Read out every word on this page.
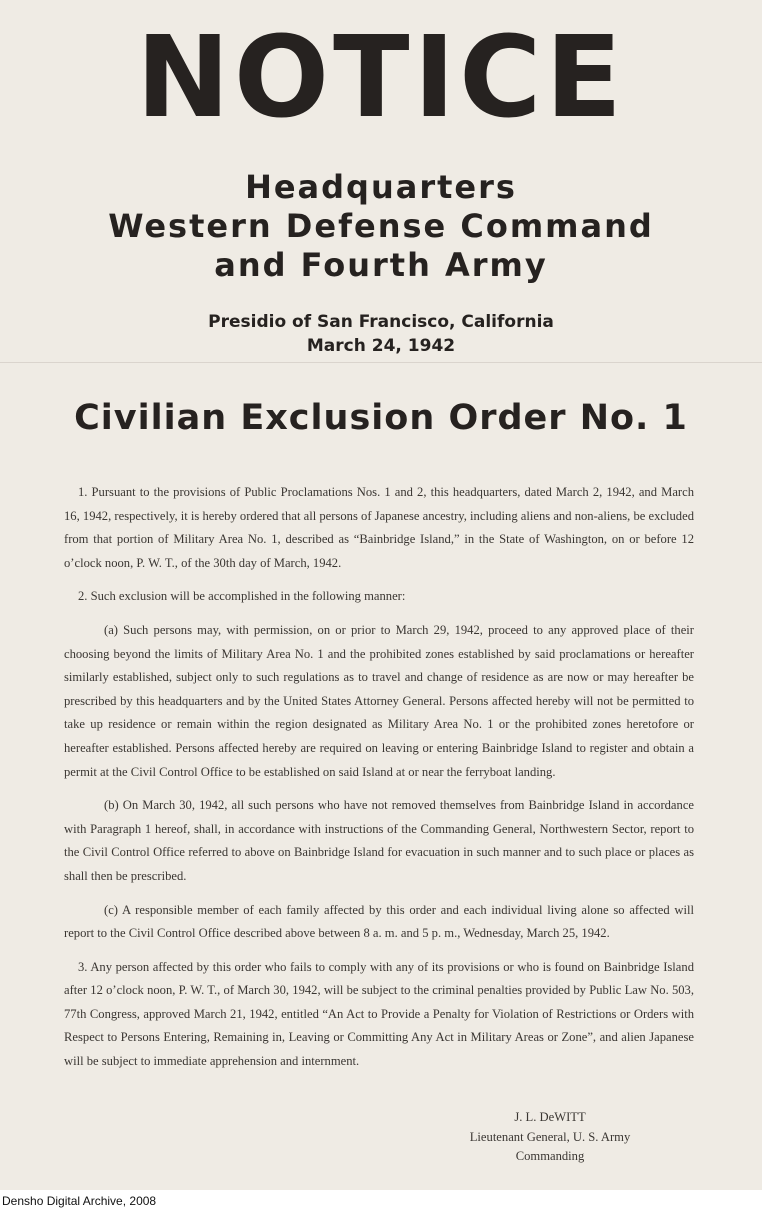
NOTICE
Headquarters
Western Defense Command
and Fourth Army
Presidio of San Francisco, California
March 24, 1942
Civilian Exclusion Order No. 1

1. Pursuant to the provisions of Public Proclamations Nos. 1 and 2, this headquarters, dated March 2, 1942, and March 16, 1942, respectively, it is hereby ordered that all persons of Japanese ancestry, including aliens and non-aliens, be excluded from that portion of Military Area No. 1, described as “Bainbridge Island,” in the State of Washington, on or before 12 o’clock noon, P. W. T., of the 30th day of March, 1942.

2. Such exclusion will be accomplished in the following manner:

(a) Such persons may, with permission, on or prior to March 29, 1942, proceed to any approved place of their choosing beyond the limits of Military Area No. 1 and the prohibited zones established by said proclamations or hereafter similarly established, subject only to such regulations as to travel and change of residence as are now or may hereafter be prescribed by this headquarters and by the United States Attorney General. Persons affected hereby will not be permitted to take up residence or remain within the region designated as Military Area No. 1 or the prohibited zones heretofore or hereafter established. Persons affected hereby are required on leaving or entering Bainbridge Island to register and obtain a permit at the Civil Control Office to be established on said Island at or near the ferryboat landing.

(b) On March 30, 1942, all such persons who have not removed themselves from Bainbridge Island in accordance with Paragraph 1 hereof, shall, in accordance with instructions of the Commanding General, Northwestern Sector, report to the Civil Control Office referred to above on Bainbridge Island for evacuation in such manner and to such place or places as shall then be prescribed.

(c) A responsible member of each family affected by this order and each individual living alone so affected will report to the Civil Control Office described above between 8 a. m. and 5 p. m., Wednesday, March 25, 1942.

3. Any person affected by this order who fails to comply with any of its provisions or who is found on Bainbridge Island after 12 o’clock noon, P. W. T., of March 30, 1942, will be subject to the criminal penalties provided by Public Law No. 503, 77th Congress, approved March 21, 1942, entitled “An Act to Provide a Penalty for Violation of Restrictions or Orders with Respect to Persons Entering, Remaining in, Leaving or Committing Any Act in Military Areas or Zone”, and alien Japanese will be subject to immediate apprehension and internment.

J. L. DeWITT
Lieutenant General, U. S. Army
Commanding
Densho Digital Archive, 2008
